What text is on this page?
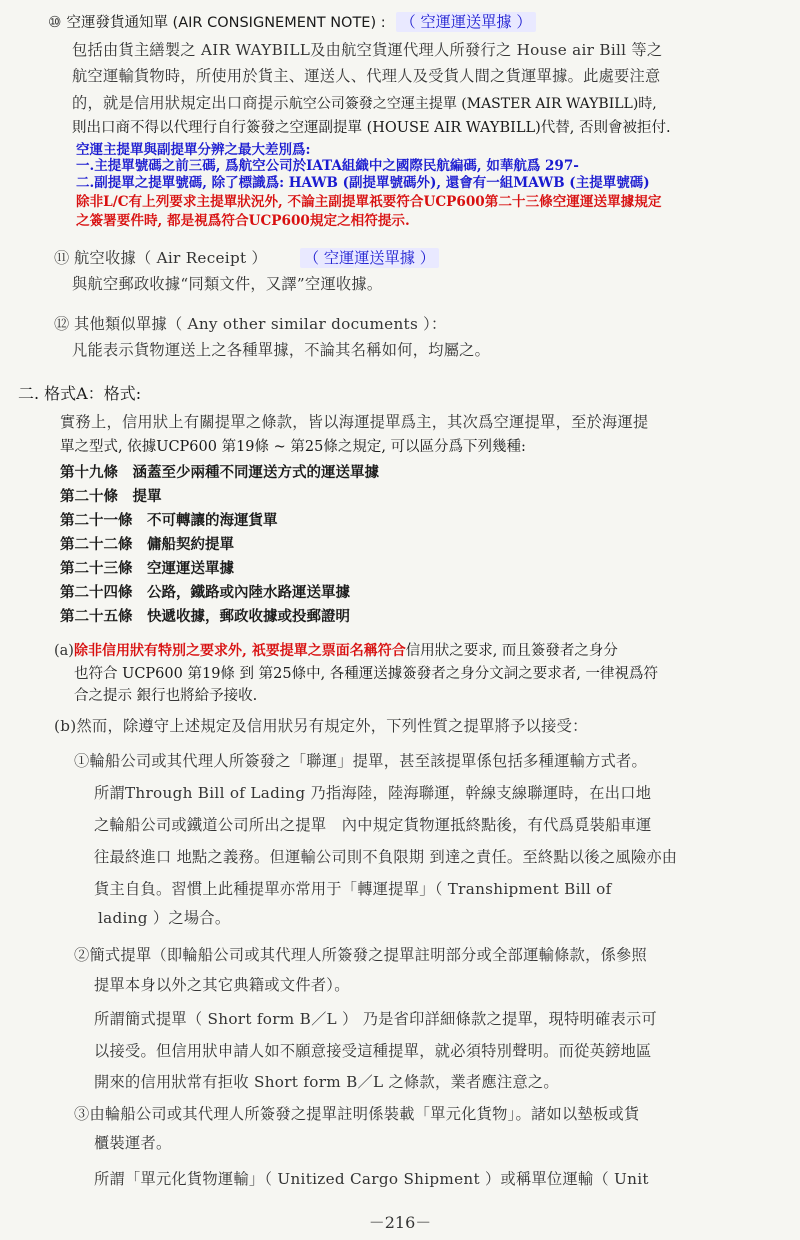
⑩ 空運發貨通知單 (AIR CONSIGNEMENT NOTE) : （ 空運運送單據 ）
包括由貨主繕製之 AIR WAYBILL及由航空貨運代理人所發行之 House air Bill 等之
航空運輸貨物時，所使用於貨主、運送人、代理人及受貨人間之貨運單據。此處要注意
的，就是信用狀規定出口商提示航空公司簽發之空運主提單 (MASTER AIR WAYBILL)時,
則出口商不得以代理行自行簽發之空運副提單 (HOUSE AIR WAYBILL)代替, 否則會被拒付.
空運主提單與副提單分辨之最大差別爲:
一.主提單號碼之前三碼, 爲航空公司於IATA組織中之國際民航編碼, 如華航爲 297-
二.副提單之提單號碼, 除了標識爲: HAWB (副提單號碼外), 還會有一組MAWB (主提單號碼)
除非L/C有上列要求主提單狀況外, 不論主副提單祇要符合UCP600第二十三條空運運送單據規定
之簽署要件時, 都是視爲符合UCP600規定之相符提示.
⑪ 航空收據（ Air Receipt ） （ 空運運送單據 ）
與航空郵政收據“同類文件，又譯”空運收據。
⑫ 其他類似單據（ Any other similar documents ）：
凡能表示貨物運送上之各種單據，不論其名稱如何，均屬之。
二. 格式A：格式:
實務上，信用狀上有關提單之條款，皆以海運提單爲主，其次爲空運提單，至於海運提
單之型式, 依據UCP600 第19條 ~ 第25條之規定, 可以區分爲下列幾種:
第十九條　涵蓋至少兩種不同運送方式的運送單據
第二十條　提單
第二十一條　不可轉讓的海運貨單
第二十二條　傭船契約提單
第二十三條　空運運送單據
第二十四條　公路，鐵路或內陸水路運送單據
第二十五條　快遞收據，郵政收據或投郵證明
(a)除非信用狀有特別之要求外, 祇要提單之票面名稱符合信用狀之要求, 而且簽發者之身分
也符合 UCP600 第19條 到 第25條中, 各種運送據簽發者之身分文詞之要求者, 一律視爲符
合之提示 銀行也將給予接收.
(b)然而，除遵守上述規定及信用狀另有規定外，下列性質之提單將予以接受：
①輪船公司或其代理人所簽發之「聯運」提單，甚至該提單係包括多種運輸方式者。
所謂Through Bill of Lading 乃指海陸，陸海聯運，幹線支線聯運時，在出口地
之輪船公司或鐵道公司所出之提單　內中規定貨物運抵終點後，有代爲覓裝船車運
往最終進口 地點之義務。但運輸公司則不負限期 到達之責任。至終點以後之風險亦由
貨主自負。習慣上此種提單亦常用于「轉運提單」（ Transhipment Bill of
lading ）之場合。
②簡式提單（即輪船公司或其代理人所簽發之提單註明部分或全部運輸條款，係參照
提單本身以外之其它典籍或文件者）。
所謂簡式提單（ Short form B／L ） 乃是省印詳細條款之提單，現特明確表示可
以接受。但信用狀申請人如不願意接受這種提單，就必須特別聲明。而從英鎊地區
開來的信用狀常有拒收 Short form B／L 之條款，業者應注意之。
③由輪船公司或其代理人所簽發之提單註明係裝載「單元化貨物」。諸如以墊板或貨
櫃裝運者。
所謂「單元化貨物運輸」（ Unitized Cargo Shipment ）或稱單位運輸（ Unit
－216－
